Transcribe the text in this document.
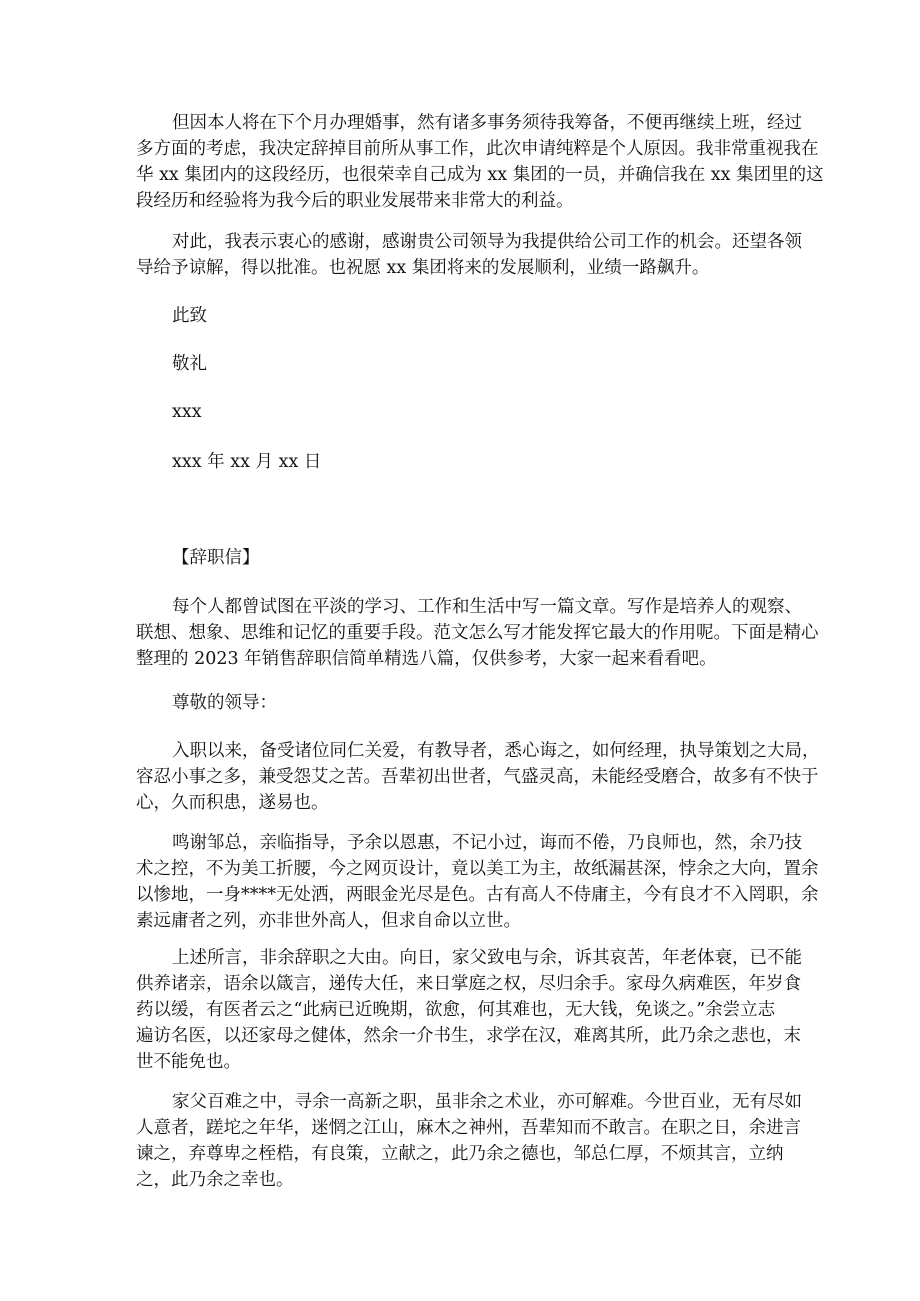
但因本人将在下个月办理婚事，然有诸多事务须待我筹备，不便再继续上班，经过
多方面的考虑，我决定辞掉目前所从事工作，此次申请纯粹是个人原因。我非常重视我在
华 xx 集团内的这段经历，也很荣幸自己成为 xx 集团的一员，并确信我在 xx 集团里的这
段经历和经验将为我今后的职业发展带来非常大的利益。
对此，我表示衷心的感谢，感谢贵公司领导为我提供给公司工作的机会。还望各领
导给予谅解，得以批准。也祝愿 xx 集团将来的发展顺利，业绩一路飙升。
此致
敬礼
xxx
xxx 年 xx 月 xx 日
【辞职信】
每个人都曾试图在平淡的学习、工作和生活中写一篇文章。写作是培养人的观察、
联想、想象、思维和记忆的重要手段。范文怎么写才能发挥它最大的作用呢。下面是精心
整理的 2023 年销售辞职信简单精选八篇，仅供参考，大家一起来看看吧。
尊敬的领导：
入职以来，备受诸位同仁关爱，有教导者，悉心诲之，如何经理，执导策划之大局，
容忍小事之多，兼受怨艾之苦。吾辈初出世者，气盛灵高，未能经受磨合，故多有不快于
心，久而积患，遂易也。
鸣谢邹总，亲临指导，予余以恩惠，不记小过，诲而不倦，乃良师也，然，余乃技
术之控，不为美工折腰，今之网页设计，竟以美工为主，故纸漏甚深，悖余之大向，置余
以惨地，一身****无处洒，两眼金光尽是色。古有高人不侍庸主，今有良才不入罔职，余
素远庸者之列，亦非世外高人，但求自命以立世。
上述所言，非余辞职之大由。向日，家父致电与余，诉其哀苦，年老体衰，已不能
供养诸亲，语余以箴言，递传大任，来日掌庭之权，尽归余手。家母久病难医，年岁食
药以缓，有医者云之“此病已近晚期，欲愈，何其难也，无大钱，免谈之。”余尝立志
遍访名医，以还家母之健体，然余一介书生，求学在汉，难离其所，此乃余之悲也，末
世不能免也。
家父百难之中，寻余一高新之职，虽非余之术业，亦可解难。今世百业，无有尽如
人意者，蹉坨之年华，迷惘之江山，麻木之神州，吾辈知而不敢言。在职之日，余进言
谏之，弃尊卑之桎梏，有良策，立献之，此乃余之德也，邹总仁厚，不烦其言，立纳
之，此乃余之幸也。
